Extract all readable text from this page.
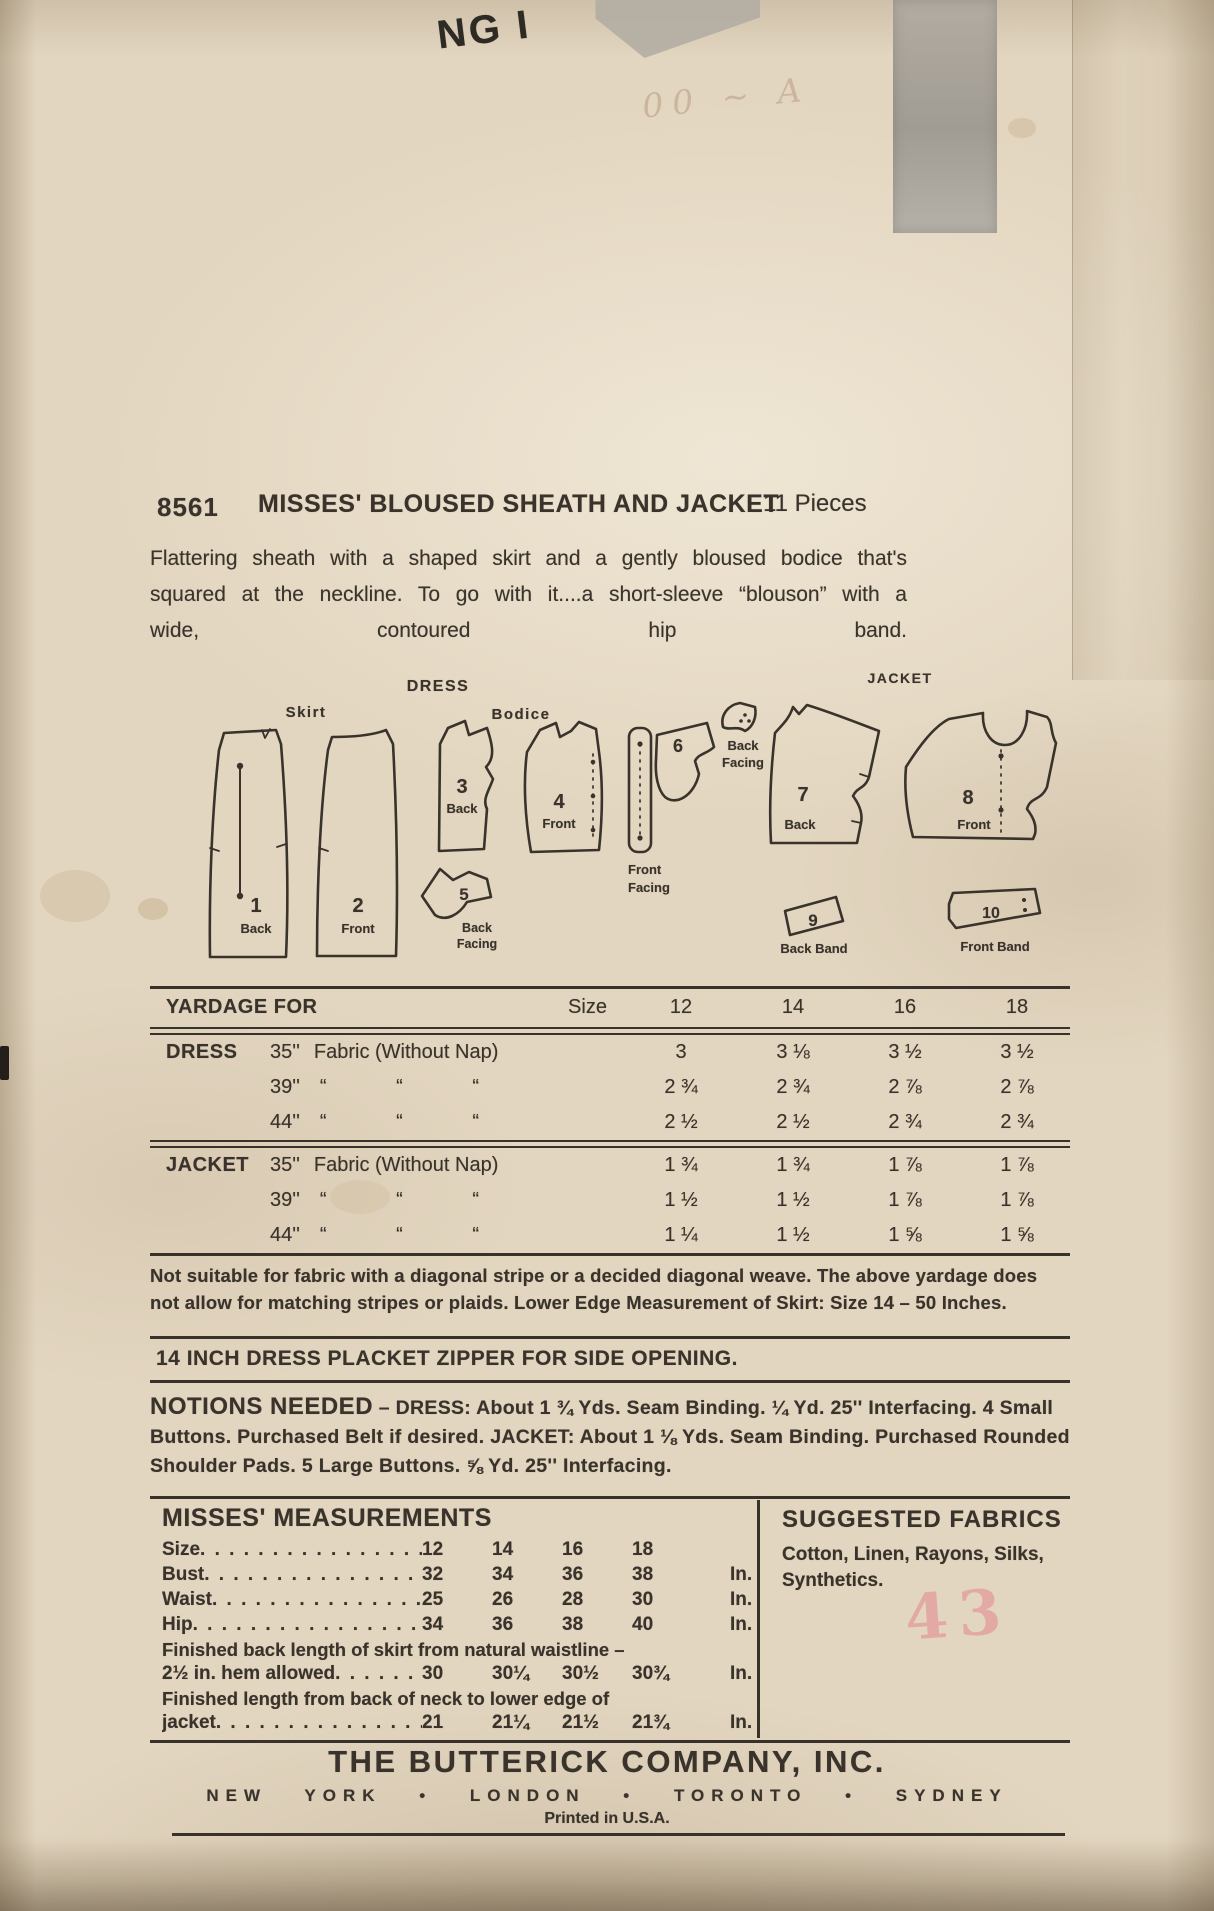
NG I
00 ~ A
8561 MISSES' BLOUSED SHEATH AND JACKET
11 Pieces
Flattering sheath with a shaped skirt and a gently bloused bodice that's squared at the neckline. To go with it....a short-sleeve “blouson” with a wide, contoured hip band.
Skirt
DRESS
Bodice
JACKET
1
Back
2
Front
3
Back	4
Front
5
Back
Facing
6
Front
Facing
Back
Facing
7
Back
8
Front
9
Back Band
10
Front Band
YARDAGE FOR	Size	12	14	16	18
DRESS	35'' Fabric (Without Nap)	3	3 ⅛	3 ½	3 ½
39''	“ “ “	2 ¾	2 ¾	2 ⅞	2 ⅞
44''	“ “ “	2 ½	2 ½	2 ¾	2 ¾
JACKET	35'' Fabric (Without Nap)	1 ¾	1 ¾	1 ⅞	1 ⅞
39''	“ “ “	1 ½	1 ½	1 ⅞	1 ⅞
44''	“ “ “	1 ¼	1 ½	1 ⅝	1 ⅝
Not suitable for fabric with a diagonal stripe or a decided diagonal weave. The above yardage does not allow for matching stripes or plaids. Lower Edge Measurement of Skirt: Size 14 – 50 Inches.
14 INCH DRESS PLACKET ZIPPER FOR SIDE OPENING.
NOTIONS NEEDED – DRESS: About 1 ¾ Yds. Seam Binding. ¼ Yd. 25'' Interfacing. 4 Small Buttons. Purchased Belt if desired. JACKET: About 1 ⅛ Yds. Seam Binding. Purchased Rounded Shoulder Pads. 5 Large Buttons. ⅝ Yd. 25'' Interfacing.
MISSES' MEASUREMENTS
Size . . .	12	14	16	18
Bust . . .	32	34	36	38	In.
Waist . . .	25	26	28	30	In.
Hip . . .	34	36	38	40	In.
Finished back length of skirt from natural waistline –
2½ in. hem allowed . . .	30	30¼	30½	30¾	In.
Finished length from back of neck to lower edge of
jacket . . .	21	21¼	21½	21¾	In.
SUGGESTED FABRICS

Cotton, Linen, Rayons, Silks, Synthetics. 43
THE BUTTERICK COMPANY, INC.
NEW YORK • LONDON • TORONTO • SYDNEY
Printed in U.S.A.
